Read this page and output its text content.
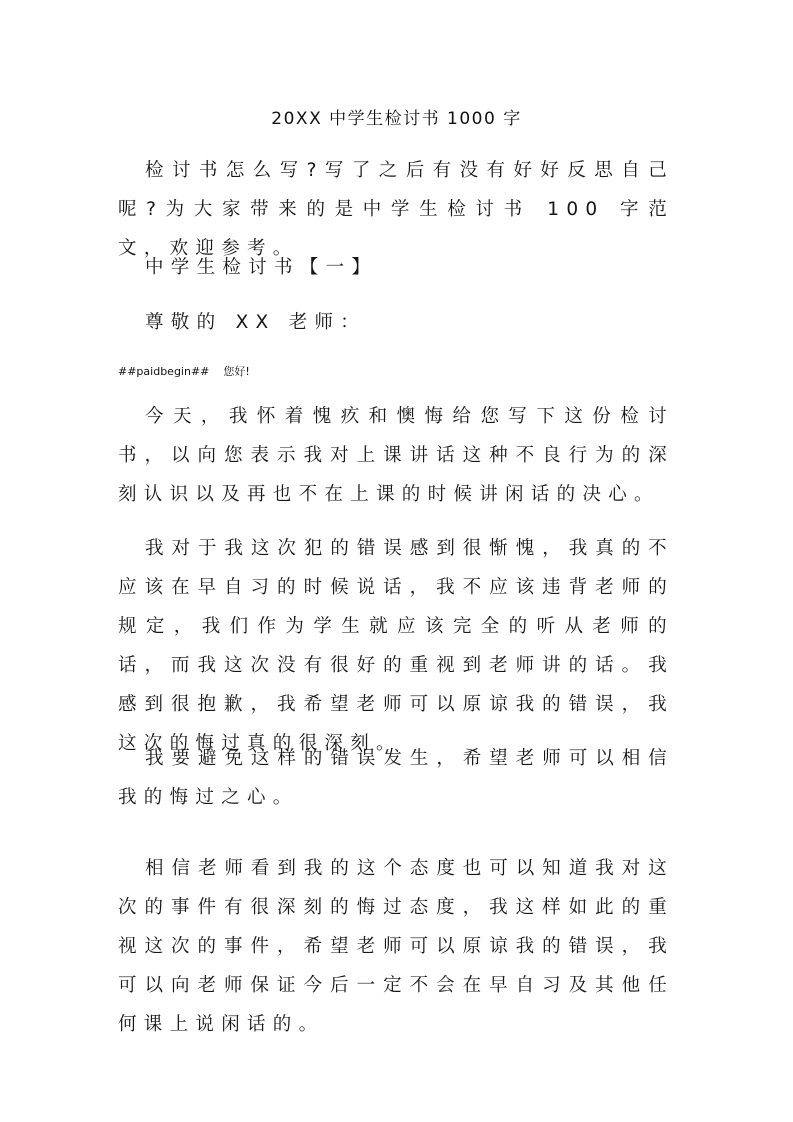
20XX 中学生检讨书 1000 字

检讨书怎么写?写了之后有没有好好反思自己呢?为大家带来的是中学生检讨书 100 字范文，欢迎参考。

中学生检讨书【一】

尊敬的 XX 老师：

##paidbegin## 您好!

今天，我怀着愧疚和懊悔给您写下这份检讨书，以向您表示我对上课讲话这种不良行为的深刻认识以及再也不在上课的时候讲闲话的决心。

我对于我这次犯的错误感到很惭愧，我真的不应该在早自习的时候说话，我不应该违背老师的规定，我们作为学生就应该完全的听从老师的话，而我这次没有很好的重视到老师讲的话。我感到很抱歉，我希望老师可以原谅我的错误，我这次的悔过真的很深刻。

我要避免这样的错误发生，希望老师可以相信我的悔过之心。

相信老师看到我的这个态度也可以知道我对这次的事件有很深刻的悔过态度，我这样如此的重视这次的事件，希望老师可以原谅我的错误，我可以向老师保证今后一定不会在早自习及其他任何课上说闲话的。
